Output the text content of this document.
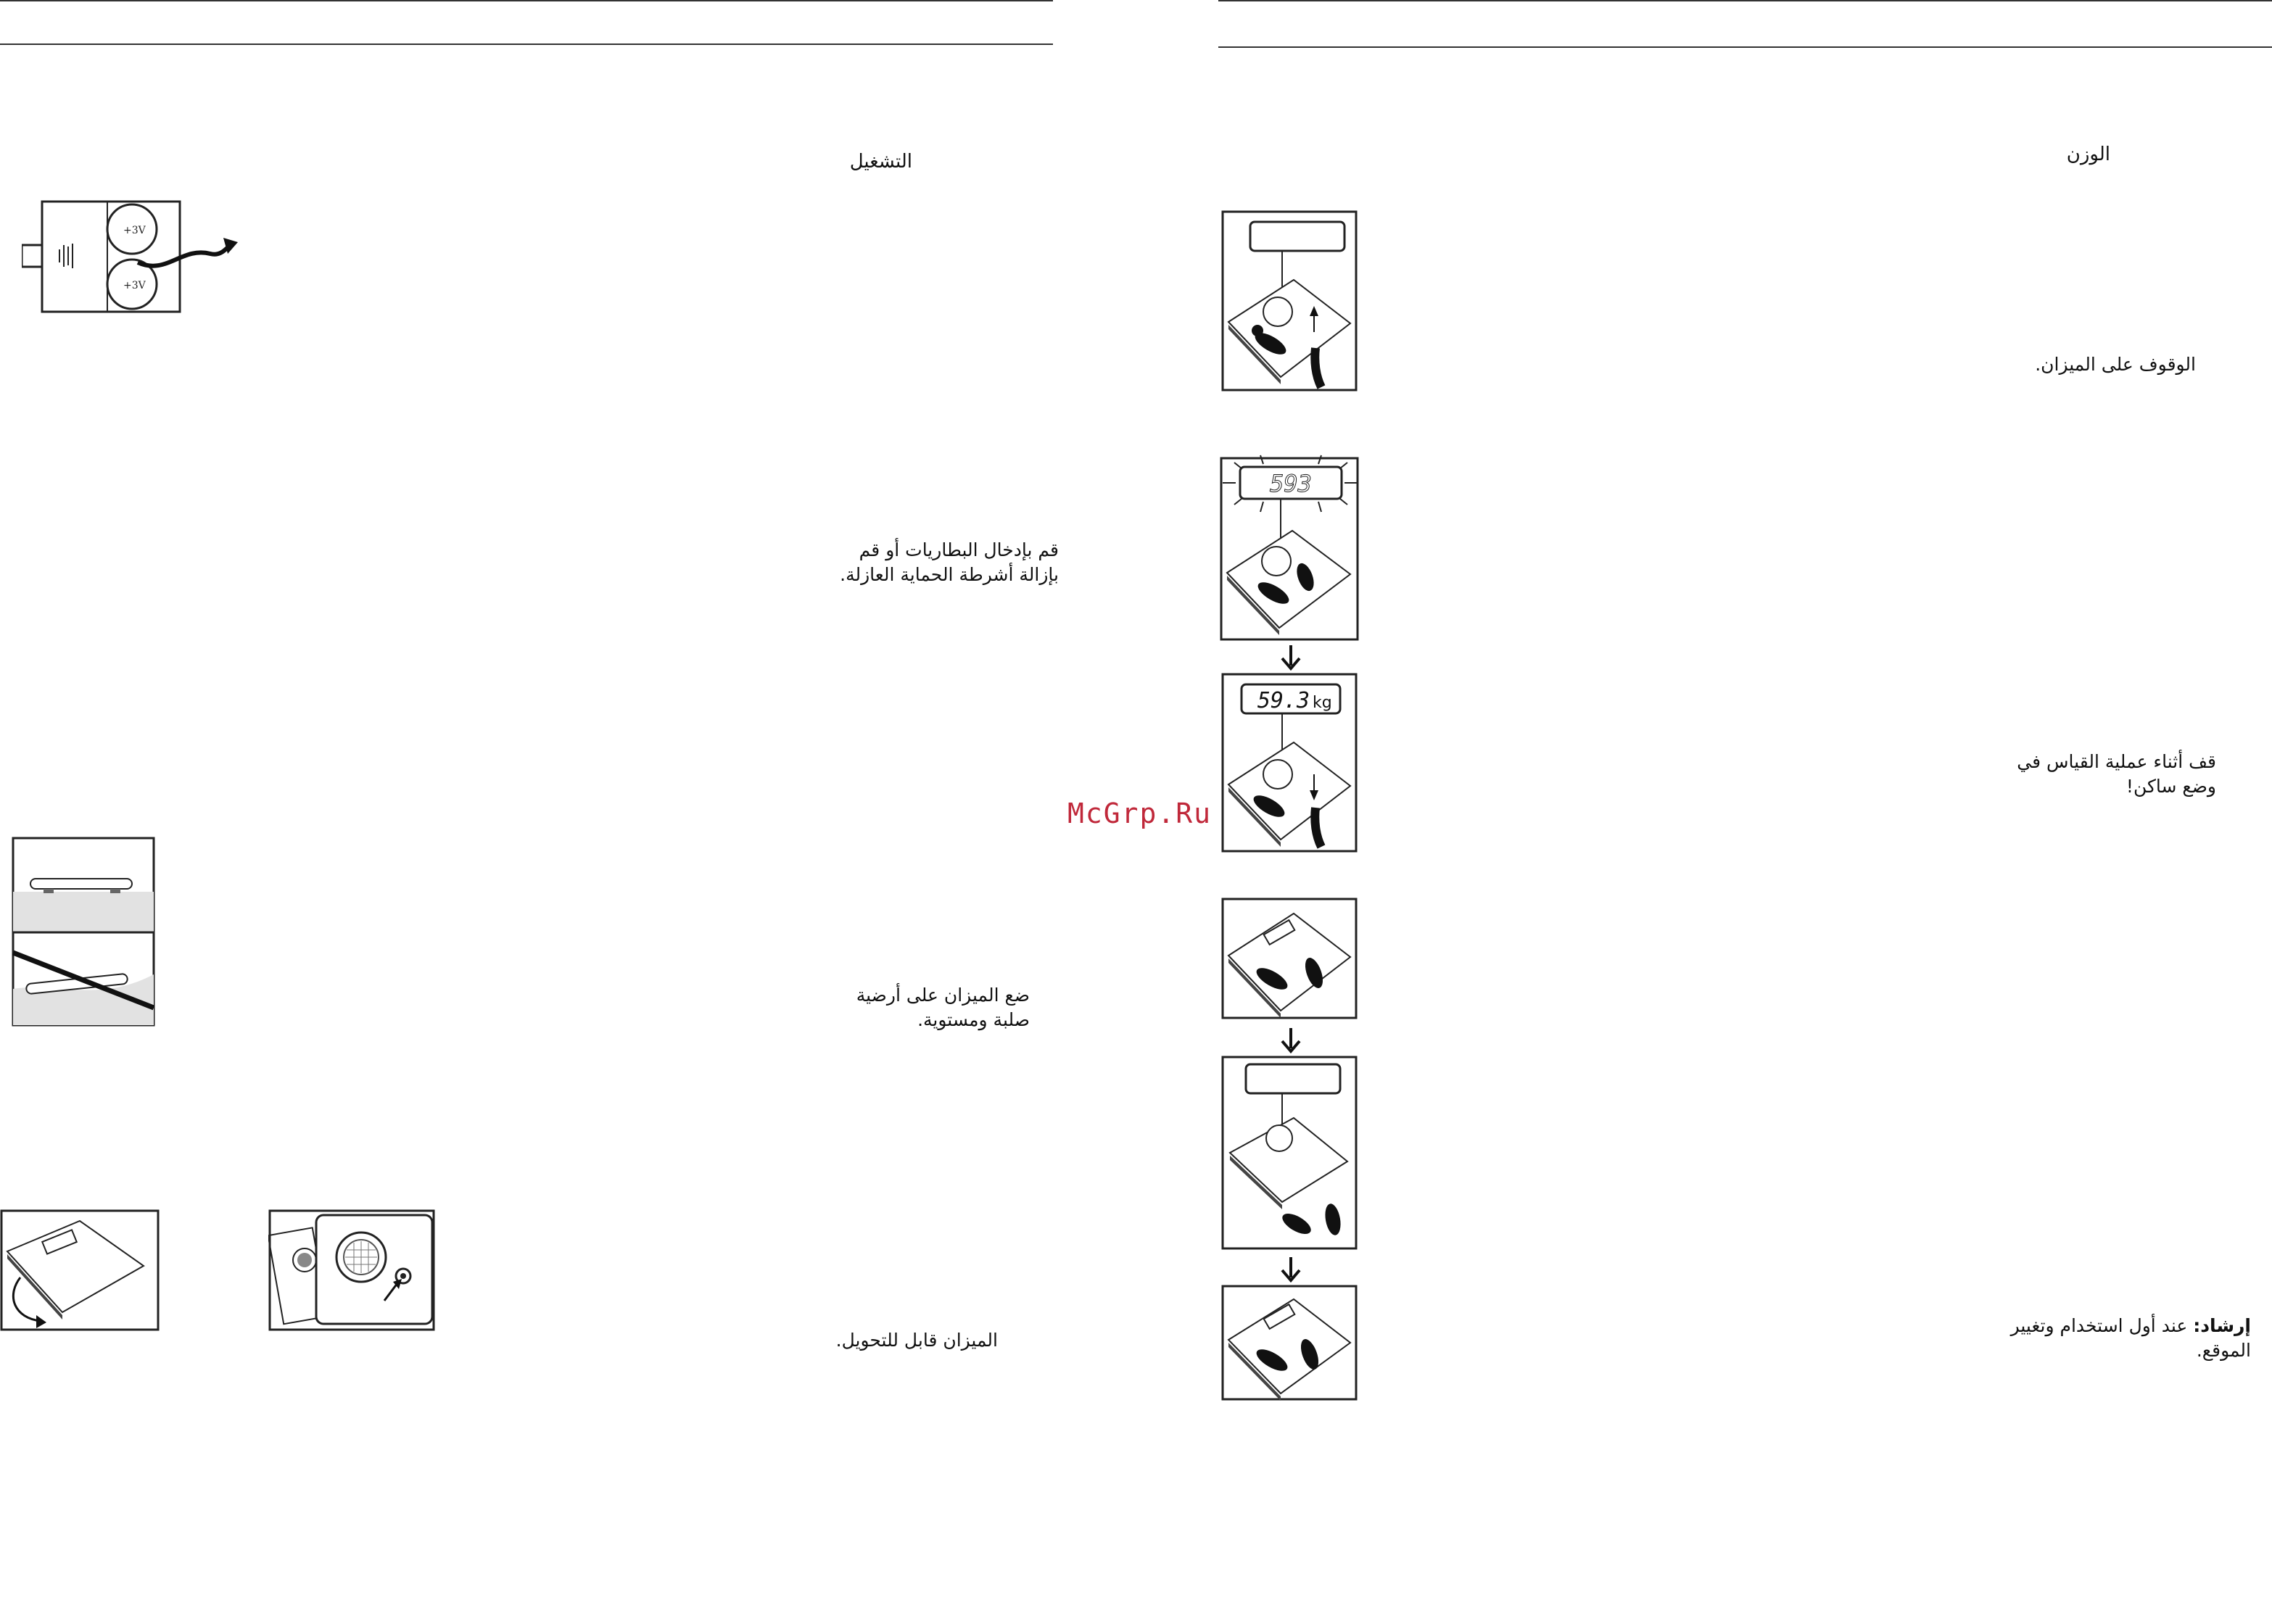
التشغيل
قم بإدخال البطاريات أو قم
بإزالة أشرطة الحماية العازلة.
ضع الميزان على أرضية
صلبة ومستوية.
الميزان قابل للتحويل.
+3V
+3V
McGrp.Ru
الوزن
الوقوف على الميزان.
قف أثناء عملية القياس في
وضع ساكن!
إرشاد: عند أول استخدام وتغيير
الموقع.
593
59.3 kg
